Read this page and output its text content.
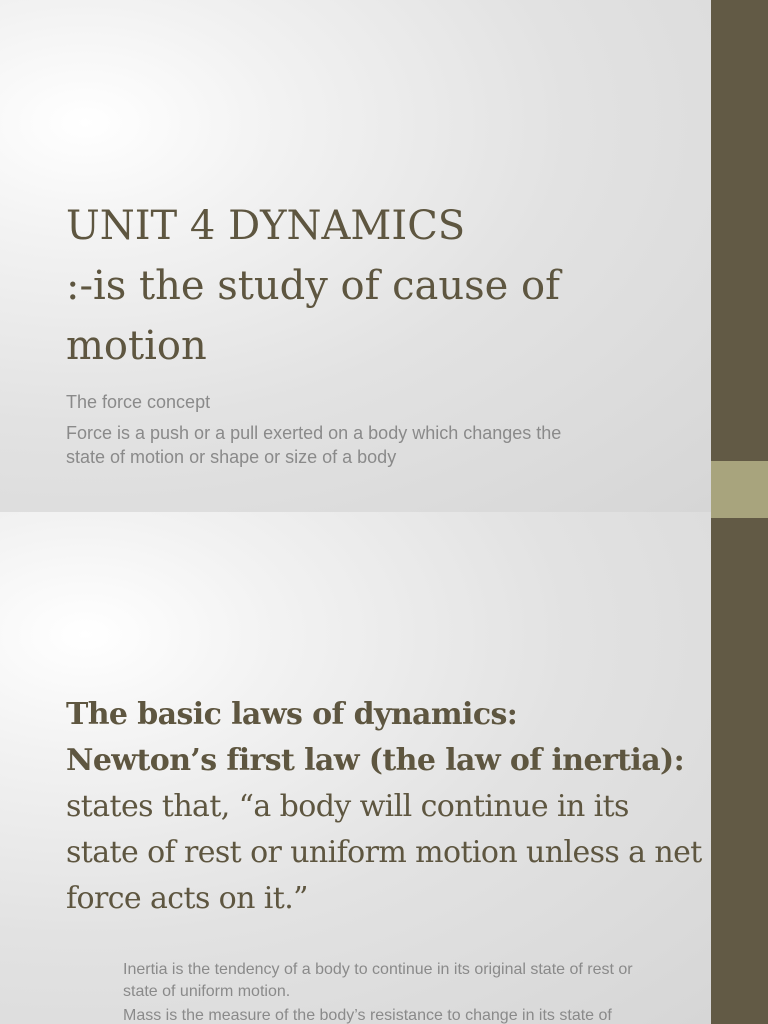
UNIT 4 DYNAMICS
:-is the study of cause of motion

The force concept

Force is a push or a pull exerted on a body which changes the state of motion or shape or size of a body

The basic laws of dynamics:
Newton’s first law (the law of inertia):
states that, “a body will continue in its state of rest or uniform motion unless a net force acts on it.”

Inertia is the tendency of a body to continue in its original state of rest or state of uniform motion.

Mass is the measure of the body’s resistance to change in its state of
